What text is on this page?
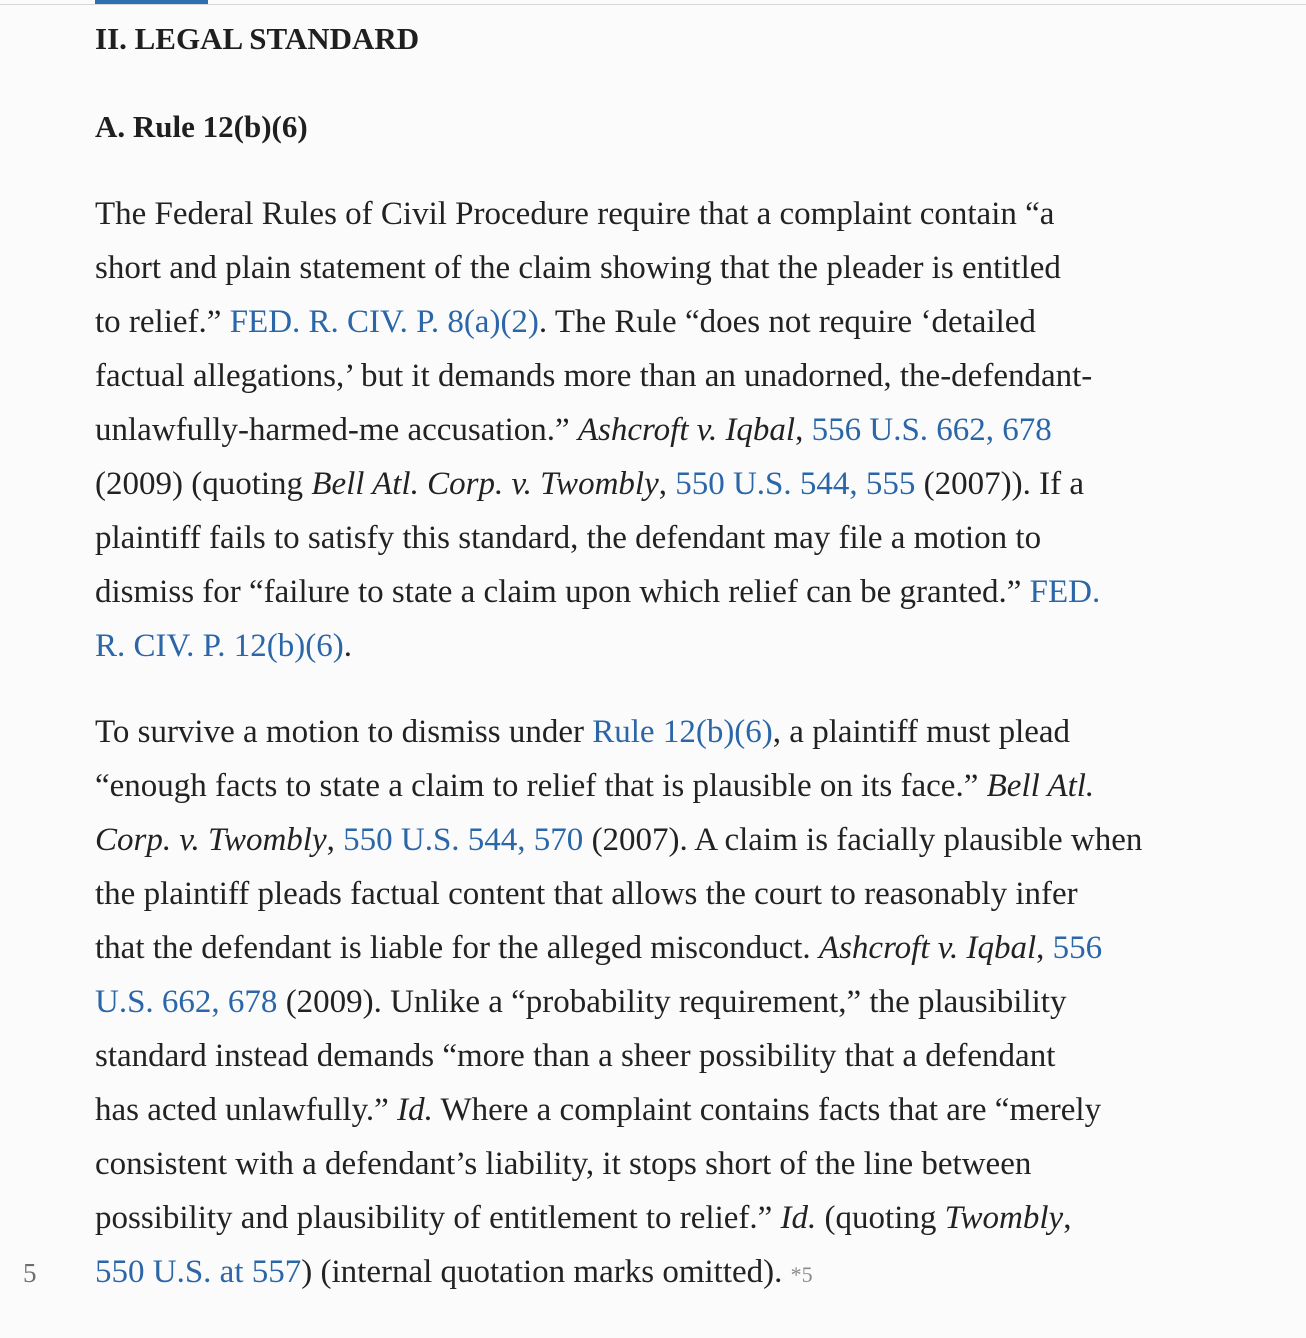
5
II. LEGAL STANDARD
A. Rule 12(b)(6)

The Federal Rules of Civil Procedure require that a complaint contain “a
short and plain statement of the claim showing that the pleader is entitled
to relief.” FED. R. CIV. P. 8(a)(2). The Rule “does not require ‘detailed
factual allegations,’ but it demands more than an unadorned, the-defendant-
unlawfully-harmed-me accusation.” Ashcroft v. Iqbal, 556 U.S. 662, 678
(2009) (quoting Bell Atl. Corp. v. Twombly, 550 U.S. 544, 555 (2007)). If a
plaintiff fails to satisfy this standard, the defendant may file a motion to
dismiss for “failure to state a claim upon which relief can be granted.” FED.
R. CIV. P. 12(b)(6).

To survive a motion to dismiss under Rule 12(b)(6), a plaintiff must plead
“enough facts to state a claim to relief that is plausible on its face.” Bell Atl.
Corp. v. Twombly, 550 U.S. 544, 570 (2007). A claim is facially plausible when
the plaintiff pleads factual content that allows the court to reasonably infer
that the defendant is liable for the alleged misconduct. Ashcroft v. Iqbal, 556
U.S. 662, 678 (2009). Unlike a “probability requirement,” the plausibility
standard instead demands “more than a sheer possibility that a defendant
has acted unlawfully.” Id. Where a complaint contains facts that are “merely
consistent with a defendant’s liability, it stops short of the line between
possibility and plausibility of entitlement to relief.” Id. (quoting Twombly,
550 U.S. at 557) (internal quotation marks omitted). *5
